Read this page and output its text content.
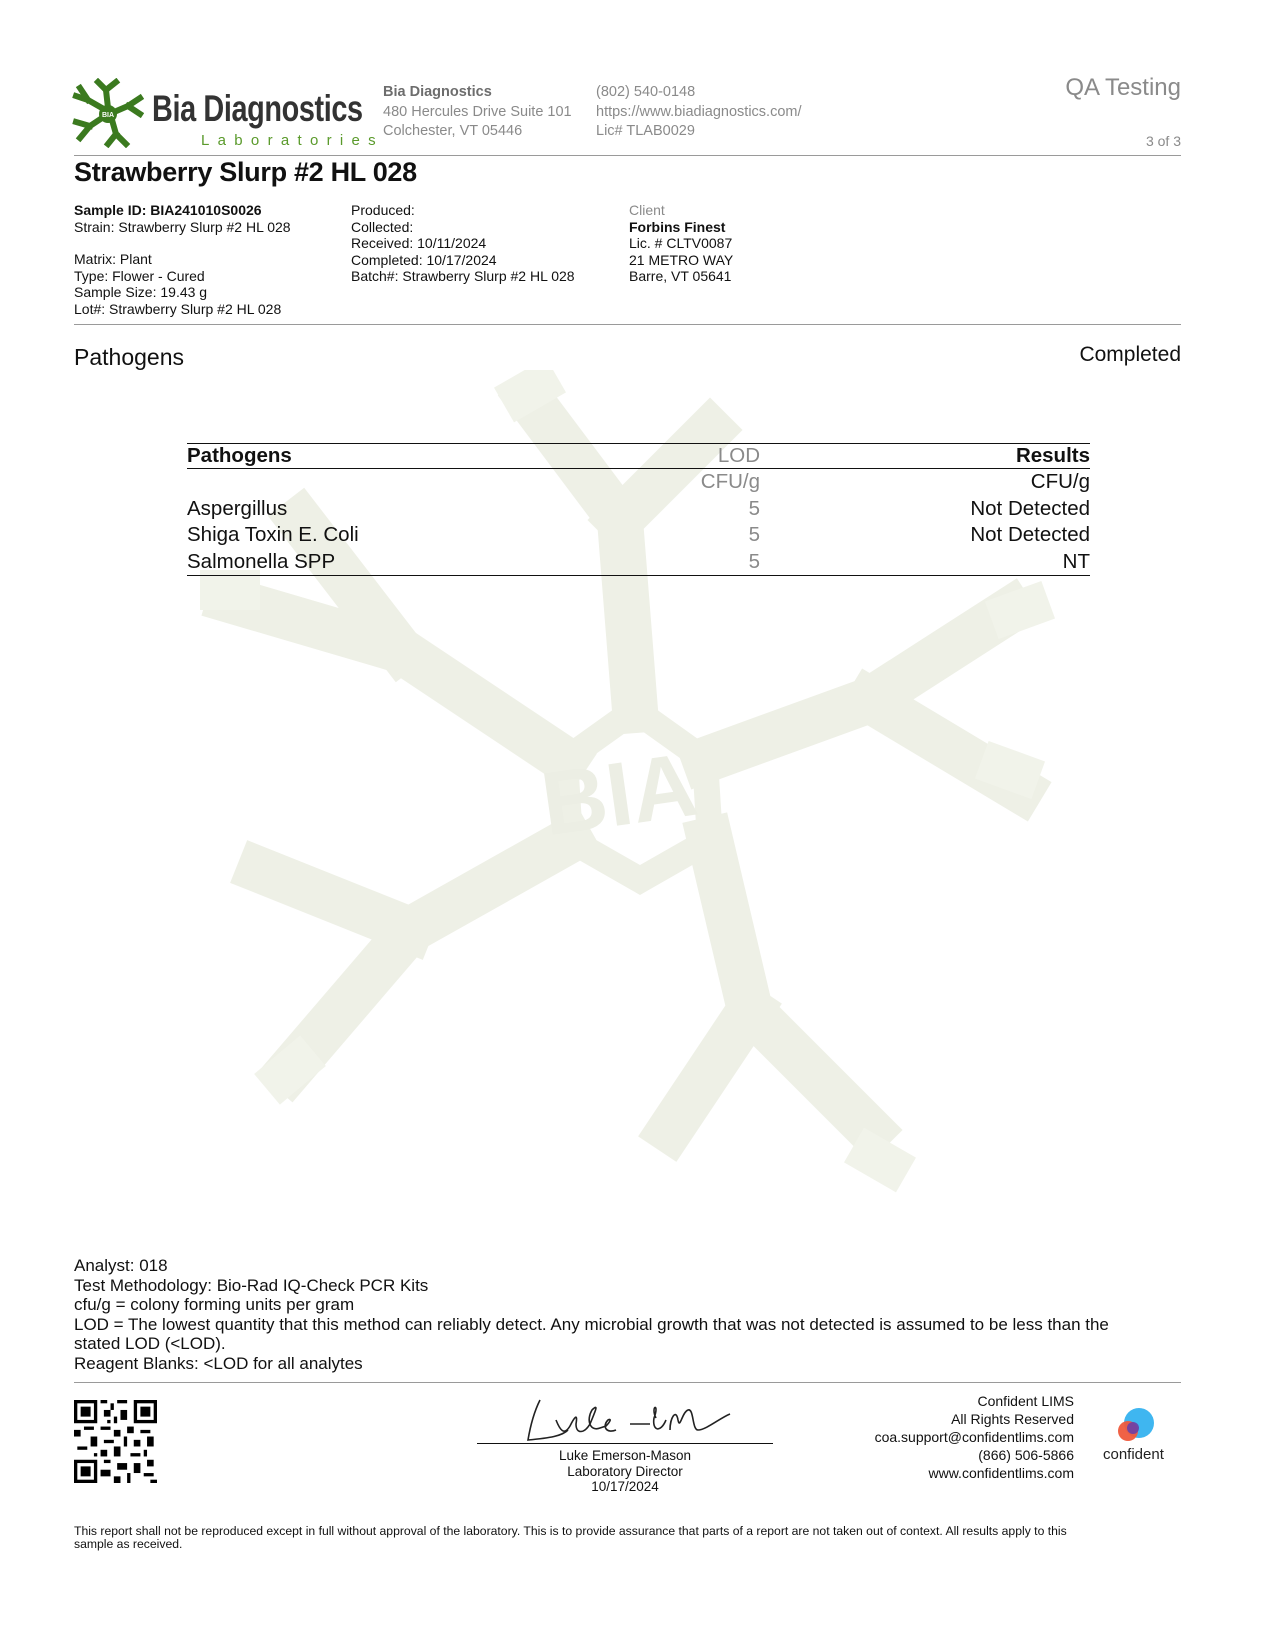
BIA
BIA Bia Diagnostics
Laboratories
Bia Diagnostics
480 Hercules Drive Suite 101
Colchester, VT 05446
(802) 540-0148
https://www.biadiagnostics.com/
Lic# TLAB0029
QA Testing
3 of 3
Strawberry Slurp #2 HL 028
Sample ID: BIA241010S0026
Strain: Strawberry Slurp #2 HL 028
Matrix: Plant
Type: Flower - Cured
Sample Size: 19.43 g
Lot#: Strawberry Slurp #2 HL 028
Produced:
Collected:
Received: 10/11/2024
Completed: 10/17/2024
Batch#: Strawberry Slurp #2 HL 028
Client
Forbins Finest
Lic. # CLTV0087
21 METRO WAY
Barre, VT 05641
Pathogens	Completed
Pathogens	LOD	Results
	CFU/g	CFU/g
Aspergillus	5	Not Detected
Shiga Toxin E. Coli	5	Not Detected
Salmonella SPP	5	NT
Analyst: 018
Test Methodology: Bio-Rad IQ-Check PCR Kits
cfu/g = colony forming units per gram
LOD = The lowest quantity that this method can reliably detect. Any microbial growth that was not detected is assumed to be less than the
stated LOD (<LOD).
Reagent Blanks: <LOD for all analytes
Luke Emerson-Mason
Laboratory Director
10/17/2024
Confident LIMS
All Rights Reserved
coa.support@confidentlims.com
(866) 506-5866
www.confidentlims.com
confident
This report shall not be reproduced except in full without approval of the laboratory. This is to provide assurance that parts of a report are not taken out of context. All results apply to this
sample as received.
